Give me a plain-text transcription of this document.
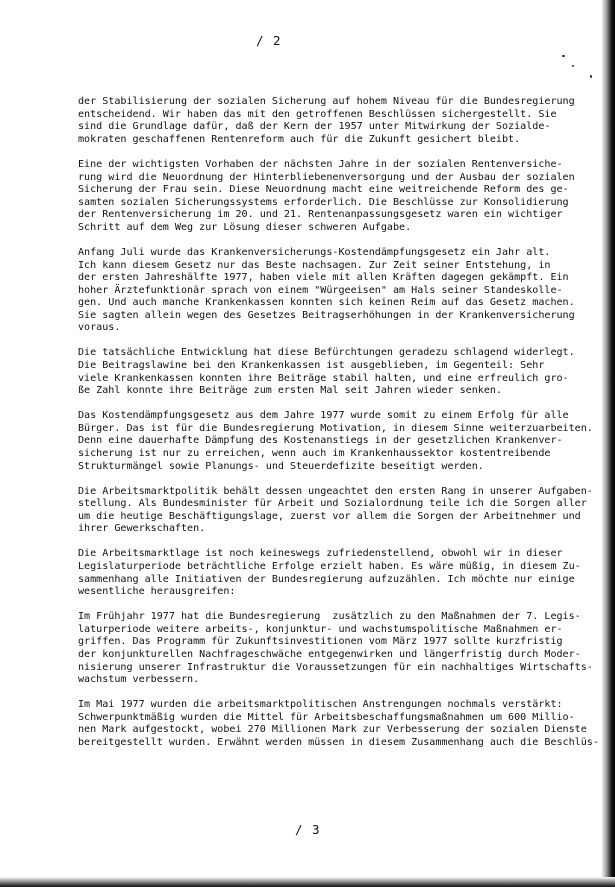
/ 2

der Stabilisierung der sozialen Sicherung auf hohem Niveau für die Bundesregierung
entscheidend. Wir haben das mit den getroffenen Beschlüssen sichergestellt. Sie
sind die Grundlage dafür, daß der Kern der 1957 unter Mitwirkung der Sozialde-
mokraten geschaffenen Rentenreform auch für die Zukunft gesichert bleibt.

Eine der wichtigsten Vorhaben der nächsten Jahre in der sozialen Rentenversiche-
rung wird die Neuordnung der Hinterbliebenenversorgung und der Ausbau der sozialen
Sicherung der Frau sein. Diese Neuordnung macht eine weitreichende Reform des ge-
samten sozialen Sicherungssystems erforderlich. Die Beschlüsse zur Konsolidierung
der Rentenversicherung im 20. und 21. Rentenanpassungsgesetz waren ein wichtiger
Schritt auf dem Weg zur Lösung dieser schweren Aufgabe.

Anfang Juli wurde das Krankenversicherungs-Kostendämpfungsgesetz ein Jahr alt.
Ich kann diesem Gesetz nur das Beste nachsagen. Zur Zeit seiner Entstehung, in
der ersten Jahreshälfte 1977, haben viele mit allen Kräften dagegen gekämpft. Ein
hoher Ärztefunktionär sprach von einem "Würgeeisen" am Hals seiner Standeskolle-
gen. Und auch manche Krankenkassen konnten sich keinen Reim auf das Gesetz machen.
Sie sagten allein wegen des Gesetzes Beitragserhöhungen in der Krankenversicherung
voraus.

Die tatsächliche Entwicklung hat diese Befürchtungen geradezu schlagend widerlegt.
Die Beitragslawine bei den Krankenkassen ist ausgeblieben, im Gegenteil: Sehr
viele Krankenkassen konnten ihre Beiträge stabil halten, und eine erfreulich gro-
ße Zahl konnte ihre Beiträge zum ersten Mal seit Jahren wieder senken.

Das Kostendämpfungsgesetz aus dem Jahre 1977 wurde somit zu einem Erfolg für alle
Bürger. Das ist für die Bundesregierung Motivation, in diesem Sinne weiterzuarbeiten.
Denn eine dauerhafte Dämpfung des Kostenanstiegs in der gesetzlichen Krankenver-
sicherung ist nur zu erreichen, wenn auch im Krankenhaussektor kostentreibende
Strukturmängel sowie Planungs- und Steuerdefizite beseitigt werden.

Die Arbeitsmarktpolitik behält dessen ungeachtet den ersten Rang in unserer Aufgaben-
stellung. Als Bundesminister für Arbeit und Sozialordnung teile ich die Sorgen aller
um die heutige Beschäftigungslage, zuerst vor allem die Sorgen der Arbeitnehmer und
ihrer Gewerkschaften.

Die Arbeitsmarktlage ist noch keineswegs zufriedenstellend, obwohl wir in dieser
Legislaturperiode beträchtliche Erfolge erzielt haben. Es wäre müßig, in diesem Zu-
sammenhang alle Initiativen der Bundesregierung aufzuzählen. Ich möchte nur einige
wesentliche herausgreifen:

Im Frühjahr 1977 hat die Bundesregierung  zusätzlich zu den Maßnahmen der 7. Legis-
laturperiode weitere arbeits-, konjunktur- und wachstumspolitische Maßnahmen er-
griffen. Das Programm für Zukunftsinvestitionen vom März 1977 sollte kurzfristig
der konjunkturellen Nachfrageschwäche entgegenwirken und längerfristig durch Moder-
nisierung unserer Infrastruktur die Voraussetzungen für ein nachhaltiges Wirtschafts-
wachstum verbessern.

Im Mai 1977 wurden die arbeitsmarktpolitischen Anstrengungen nochmals verstärkt:
Schwerpunktmäßig wurden die Mittel für Arbeitsbeschaffungsmaßnahmen um 600 Millio-
nen Mark aufgestockt, wobei 270 Millionen Mark zur Verbesserung der sozialen Dienste
bereitgestellt wurden. Erwähnt werden müssen in diesem Zusammenhang auch die Beschlüs-

/ 3
